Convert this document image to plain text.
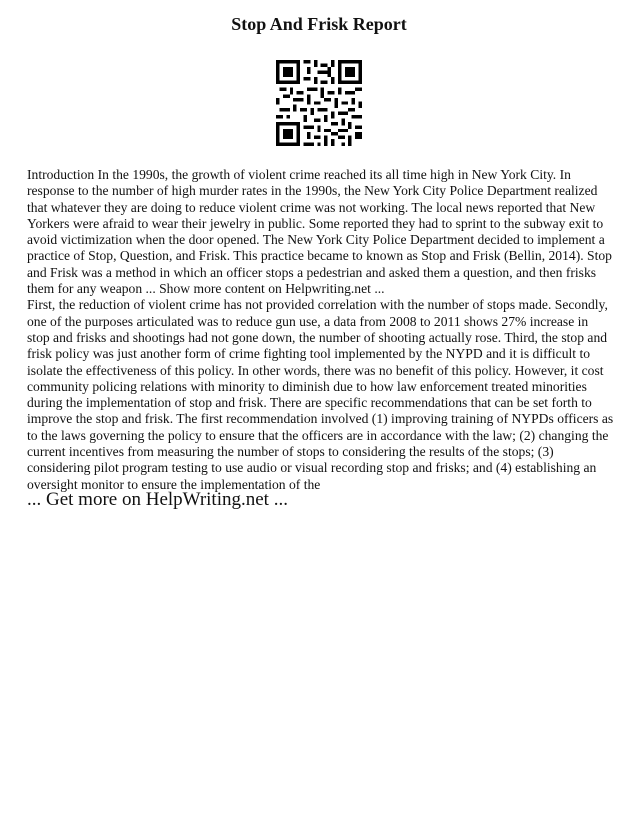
Stop And Frisk Report

Introduction In the 1990s, the growth of violent crime reached its all time high in New York City. In response to the number of high murder rates in the 1990s, the New York City Police Department realized that whatever they are doing to reduce violent crime was not working. The local news reported that New Yorkers were afraid to wear their jewelry in public. Some reported they had to sprint to the subway exit to avoid victimization when the door opened. The New York City Police Department decided to implement a practice of Stop, Question, and Frisk. This practice became to known as Stop and Frisk (Bellin, 2014). Stop and Frisk was a method in which an officer stops a pedestrian and asked them a question, and then frisks them for any weapon ... Show more content on Helpwriting.net ...

First, the reduction of violent crime has not provided correlation with the number of stops made. Secondly, one of the purposes articulated was to reduce gun use, a data from 2008 to 2011 shows 27% increase in stop and frisks and shootings had not gone down, the number of shooting actually rose. Third, the stop and frisk policy was just another form of crime fighting tool implemented by the NYPD and it is difficult to isolate the effectiveness of this policy. In other words, there was no benefit of this policy. However, it cost community policing relations with minority to diminish due to how law enforcement treated minorities during the implementation of stop and frisk. There are specific recommendations that can be set forth to improve the stop and frisk. The first recommendation involved (1) improving training of NYPDs officers as to the laws governing the policy to ensure that the officers are in accordance with the law; (2) changing the current incentives from measuring the number of stops to considering the results of the stops; (3) considering pilot program testing to use audio or visual recording stop and frisks; and (4) establishing an oversight monitor to ensure the implementation of the

... Get more on HelpWriting.net ...
